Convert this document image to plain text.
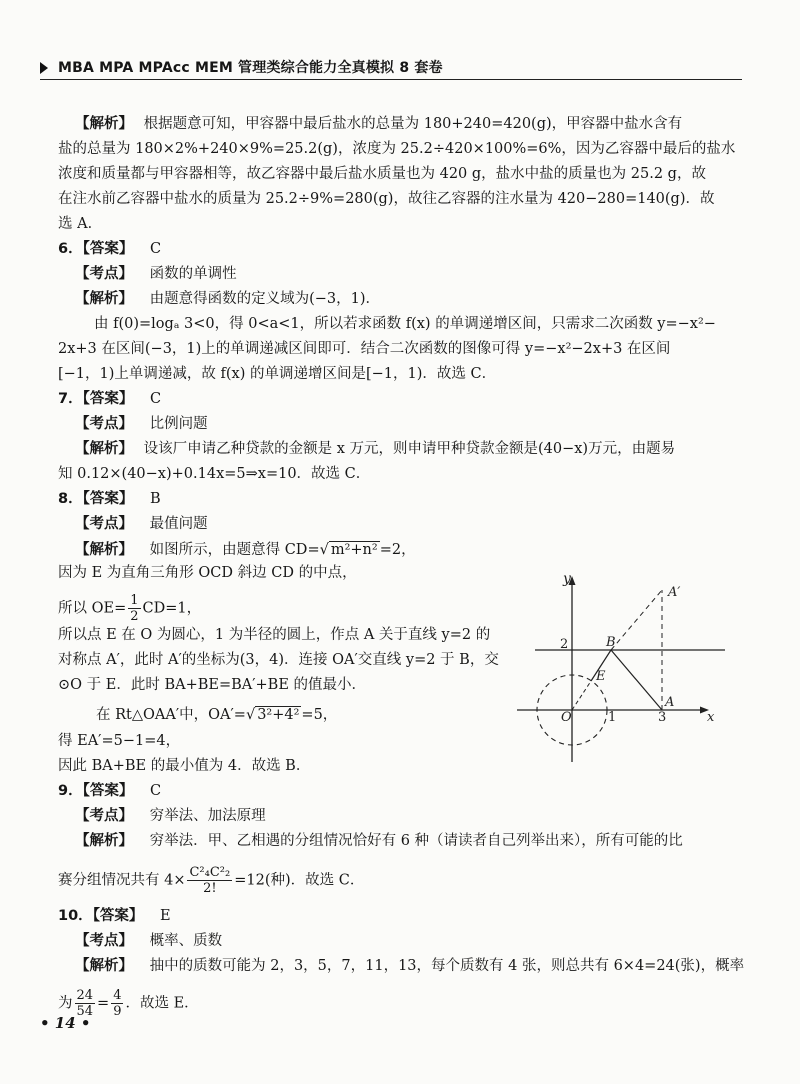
MBA MPA MPAcc MEM 管理类综合能力全真模拟 8 套卷
【解析】 根据题意可知，甲容器中最后盐水的总量为 180+240=420(g)，甲容器中盐水含有
盐的总量为 180×2%+240×9%=25.2(g)，浓度为 25.2÷420×100%=6%，因为乙容器中最后的盐水
浓度和质量都与甲容器相等，故乙容器中最后盐水质量也为 420 g，盐水中盐的质量也为 25.2 g，故
在注水前乙容器中盐水的质量为 25.2÷9%=280(g)，故往乙容器的注水量为 420−280=140(g)．故
选 A．
6．【答案】 C
【考点】 函数的单调性
【解析】 由题意得函数的定义域为(−3，1)．
由 f(0)=logₐ 3<0，得 0<a<1，所以若求函数 f(x) 的单调递增区间，只需求二次函数 y=−x²−
2x+3 在区间(−3，1)上的单调递减区间即可．结合二次函数的图像可得 y=−x²−2x+3 在区间
[−1，1)上单调递减，故 f(x) 的单调递增区间是[−1，1)．故选 C．
7．【答案】 C
【考点】 比例问题
【解析】 设该厂申请乙种贷款的金额是 x 万元，则申请甲种贷款金额是(40−x)万元，由题易
知 0.12×(40−x)+0.14x=5⇒x=10．故选 C．
8．【答案】 B
【考点】 最值问题
【解析】 如图所示，由题意得 CD=√ m²+n² =2，
因为 E 为直角三角形 OCD 斜边 CD 的中点，
所以 $OE= \frac{1}{2} CD=1$，
所以点 E 在 O 为圆心，1 为半径的圆上，作点 A 关于直线 y=2 的
对称点 A′，此时 A′的坐标为(3，4)．连接 OA′交直线 y=2 于 B，交
⊙O 于 E．此时 BA+BE=BA′+BE 的值最小．
在 Rt△OAA′中，OA′=√ 3²+4² =5，
得 EA′=5−1=4，
因此 BA+BE 的最小值为 4．故选 B．
y
x
2
A′
B
E
O	1	3
A
9．【答案】 C
【考点】 穷举法、加法原理
【解析】 穷举法．甲、乙相遇的分组情况恰好有 6 种（请读者自己列举出来），所有可能的比
赛分组情况共有 $4\times \frac{\text{C²₄C²₂}}{2!} =12$(种)．故选 C．
10．【答案】 E
【考点】 概率、质数
【解析】 抽中的质数可能为 2，3，5，7，11，13，每个质数有 4 张，则总共有 6×4=24(张)，概率
为 $\frac{24}{54} = \frac{4}{9}$ ．故选 E．
• 14 •
